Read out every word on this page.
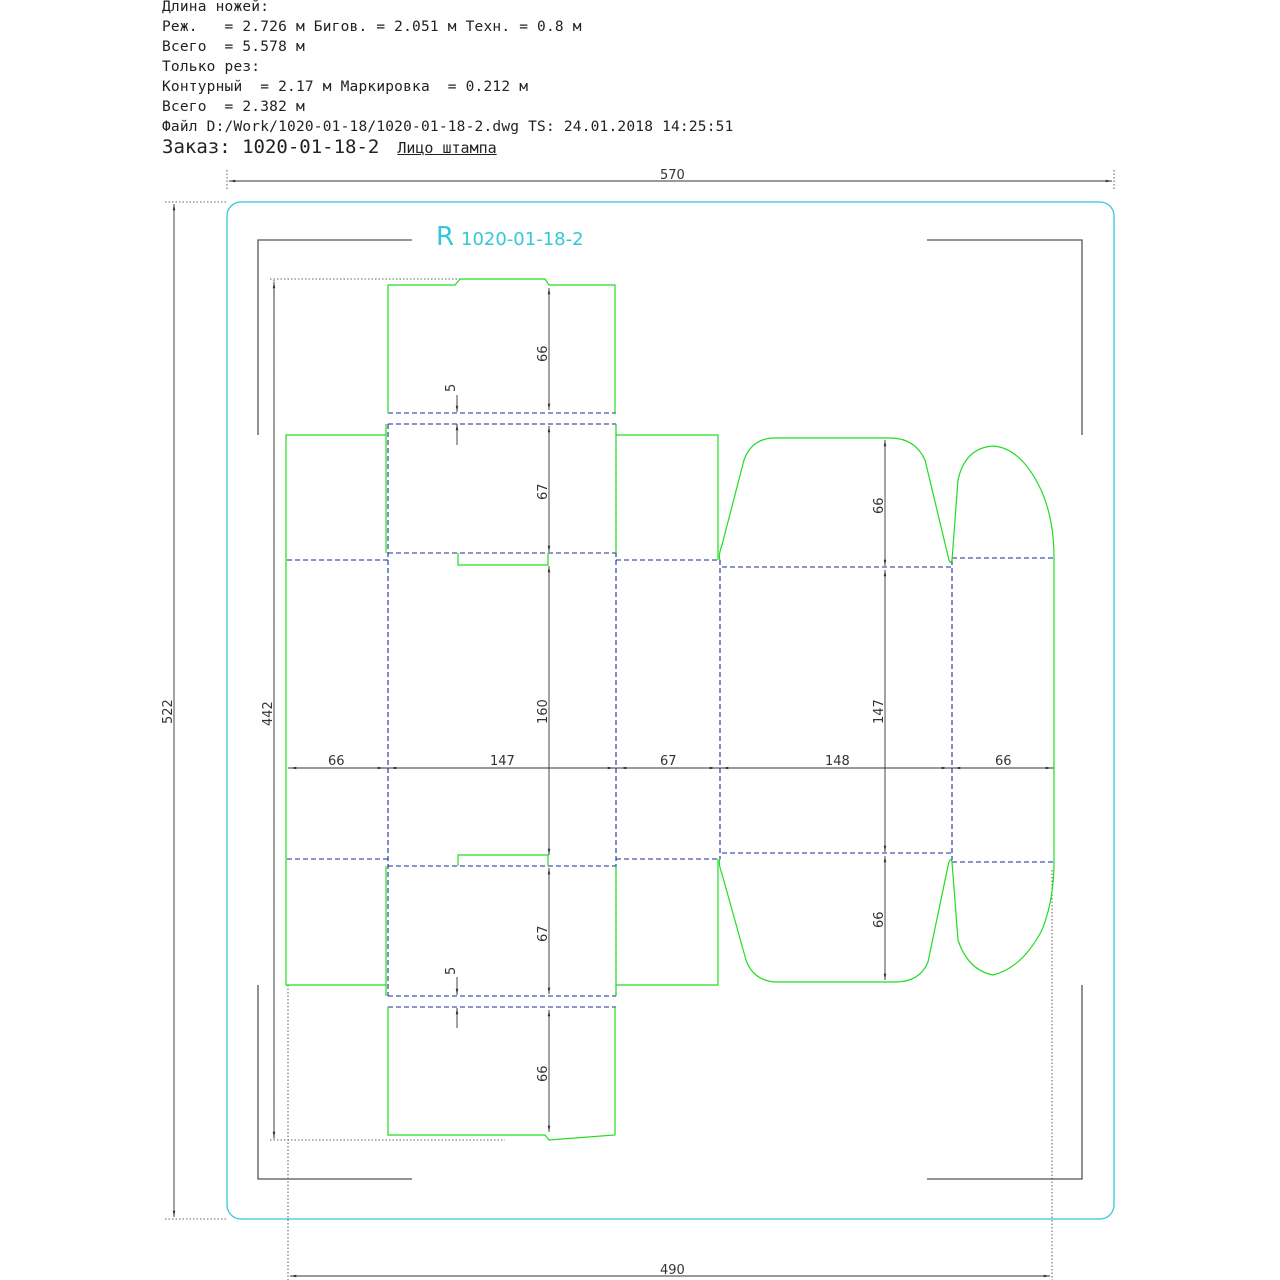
Длина ножей:
Реж.   = 2.726 м Бигов. = 2.051 м Техн. = 0.8 м
Всего  = 5.578 м
Только рез:
Контурный  = 2.17 м Маркировка  = 0.212 м
Всего  = 2.382 м
Файл D:/Work/1020-01-18/1020-01-18-2.dwg TS: 24.01.2018 14:25:51
Заказ: 1020-01-18-2 Лицо штампа
R 1020-01-18-2
570
490
522	442
66	147	67	148	66
160	147
66
67
67
66
66
66
5
5
